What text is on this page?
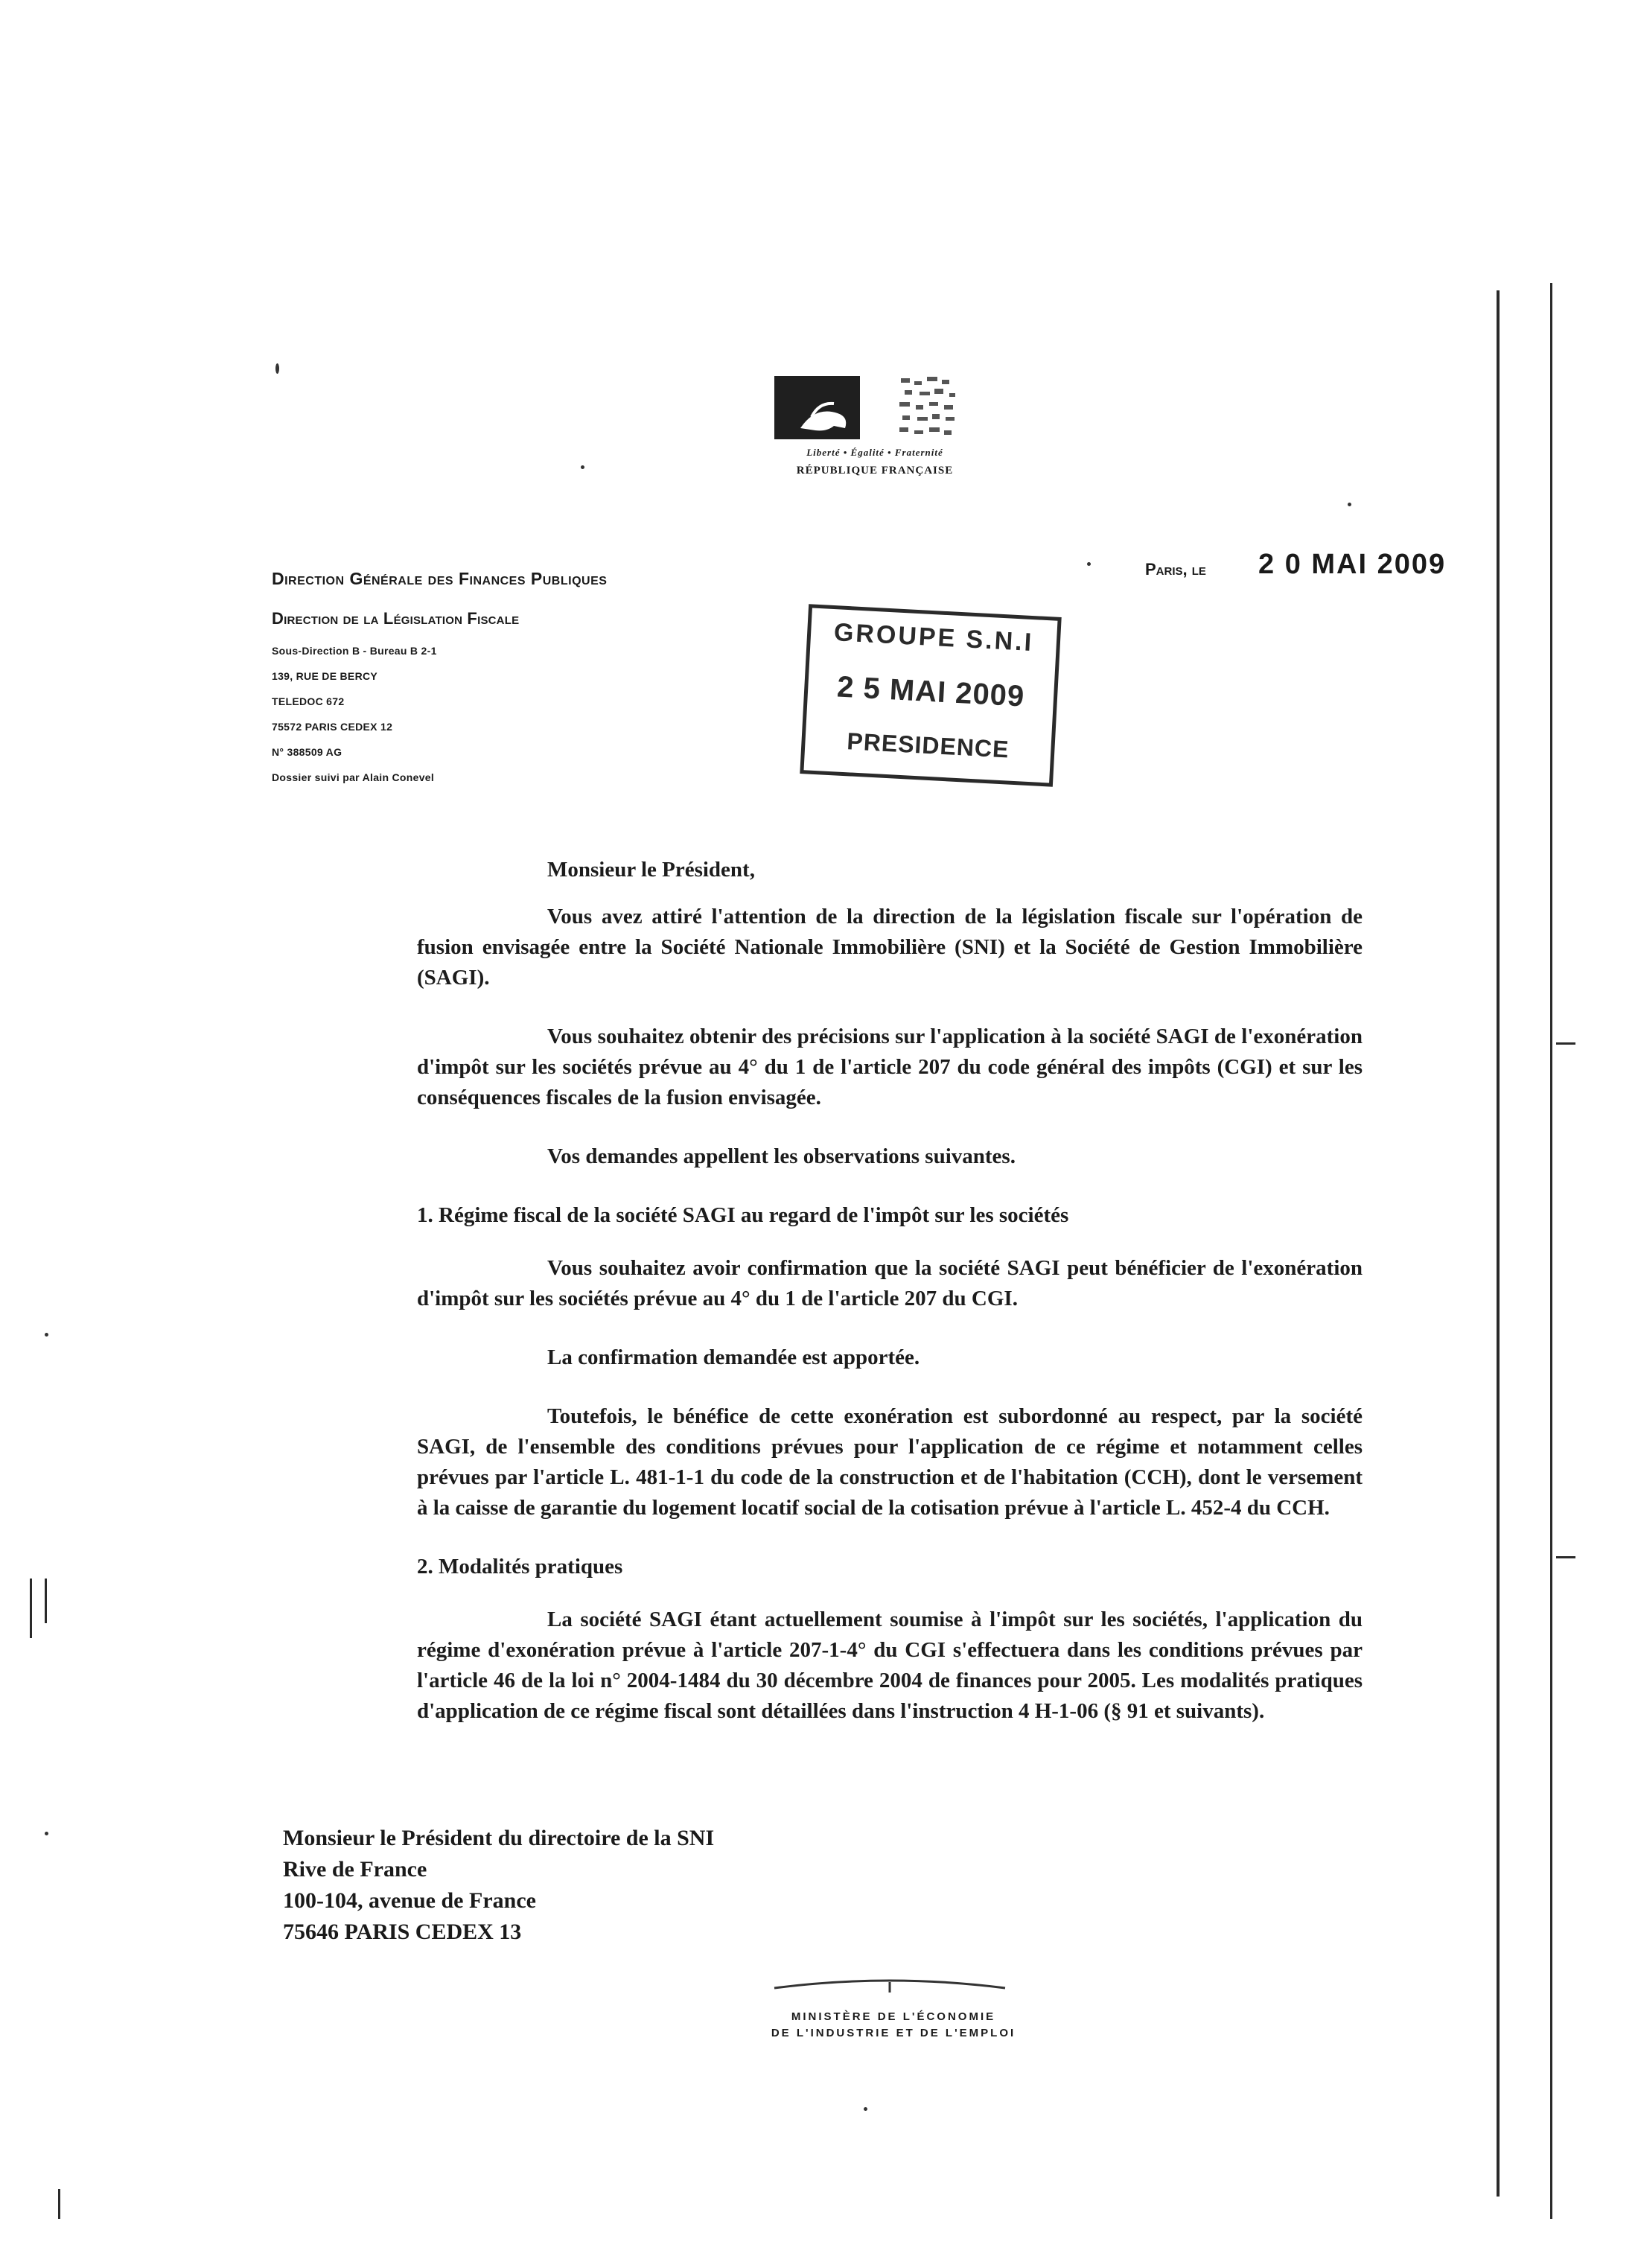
Liberté • Égalité • Fraternité
RÉPUBLIQUE FRANÇAISE
Direction Générale des Finances Publiques
Direction de la Législation Fiscale
Sous-Direction B - Bureau B 2-1
139, RUE DE BERCY
TELEDOC 672
75572 PARIS CEDEX 12
N° 388509 AG
Dossier suivi par Alain Conevel
Paris, le 2 0 MAI 2009
GROUPE S.N.I
2 5 MAI 2009
PRESIDENCE

Monsieur le Président,

Vous avez attiré l'attention de la direction de la législation fiscale sur l'opération de fusion envisagée entre la Société Nationale Immobilière (SNI) et la Société de Gestion Immobilière (SAGI).

Vous souhaitez obtenir des précisions sur l'application à la société SAGI de l'exonération d'impôt sur les sociétés prévue au 4° du 1 de l'article 207 du code général des impôts (CGI) et sur les conséquences fiscales de la fusion envisagée.

Vos demandes appellent les observations suivantes.

1. Régime fiscal de la société SAGI au regard de l'impôt sur les sociétés

Vous souhaitez avoir confirmation que la société SAGI peut bénéficier de l'exonération d'impôt sur les sociétés prévue au 4° du 1 de l'article 207 du CGI.

La confirmation demandée est apportée.

Toutefois, le bénéfice de cette exonération est subordonné au respect, par la société SAGI, de l'ensemble des conditions prévues pour l'application de ce régime et notamment celles prévues par l'article L. 481-1-1 du code de la construction et de l'habitation (CCH), dont le versement à la caisse de garantie du logement locatif social de la cotisation prévue à l'article L. 452-4 du CCH.

2. Modalités pratiques

La société SAGI étant actuellement soumise à l'impôt sur les sociétés, l'application du régime d'exonération prévue à l'article 207-1-4° du CGI s'effectuera dans les conditions prévues par l'article 46 de la loi n° 2004-1484 du 30 décembre 2004 de finances pour 2005. Les modalités pratiques d'application de ce régime fiscal sont détaillées dans l'instruction 4 H-1-06 (§ 91 et suivants).

Monsieur le Président du directoire de la SNI
Rive de France
100-104, avenue de France
75646 PARIS CEDEX 13
MINISTÈRE DE L'ÉCONOMIE
DE L'INDUSTRIE ET DE L'EMPLOI
